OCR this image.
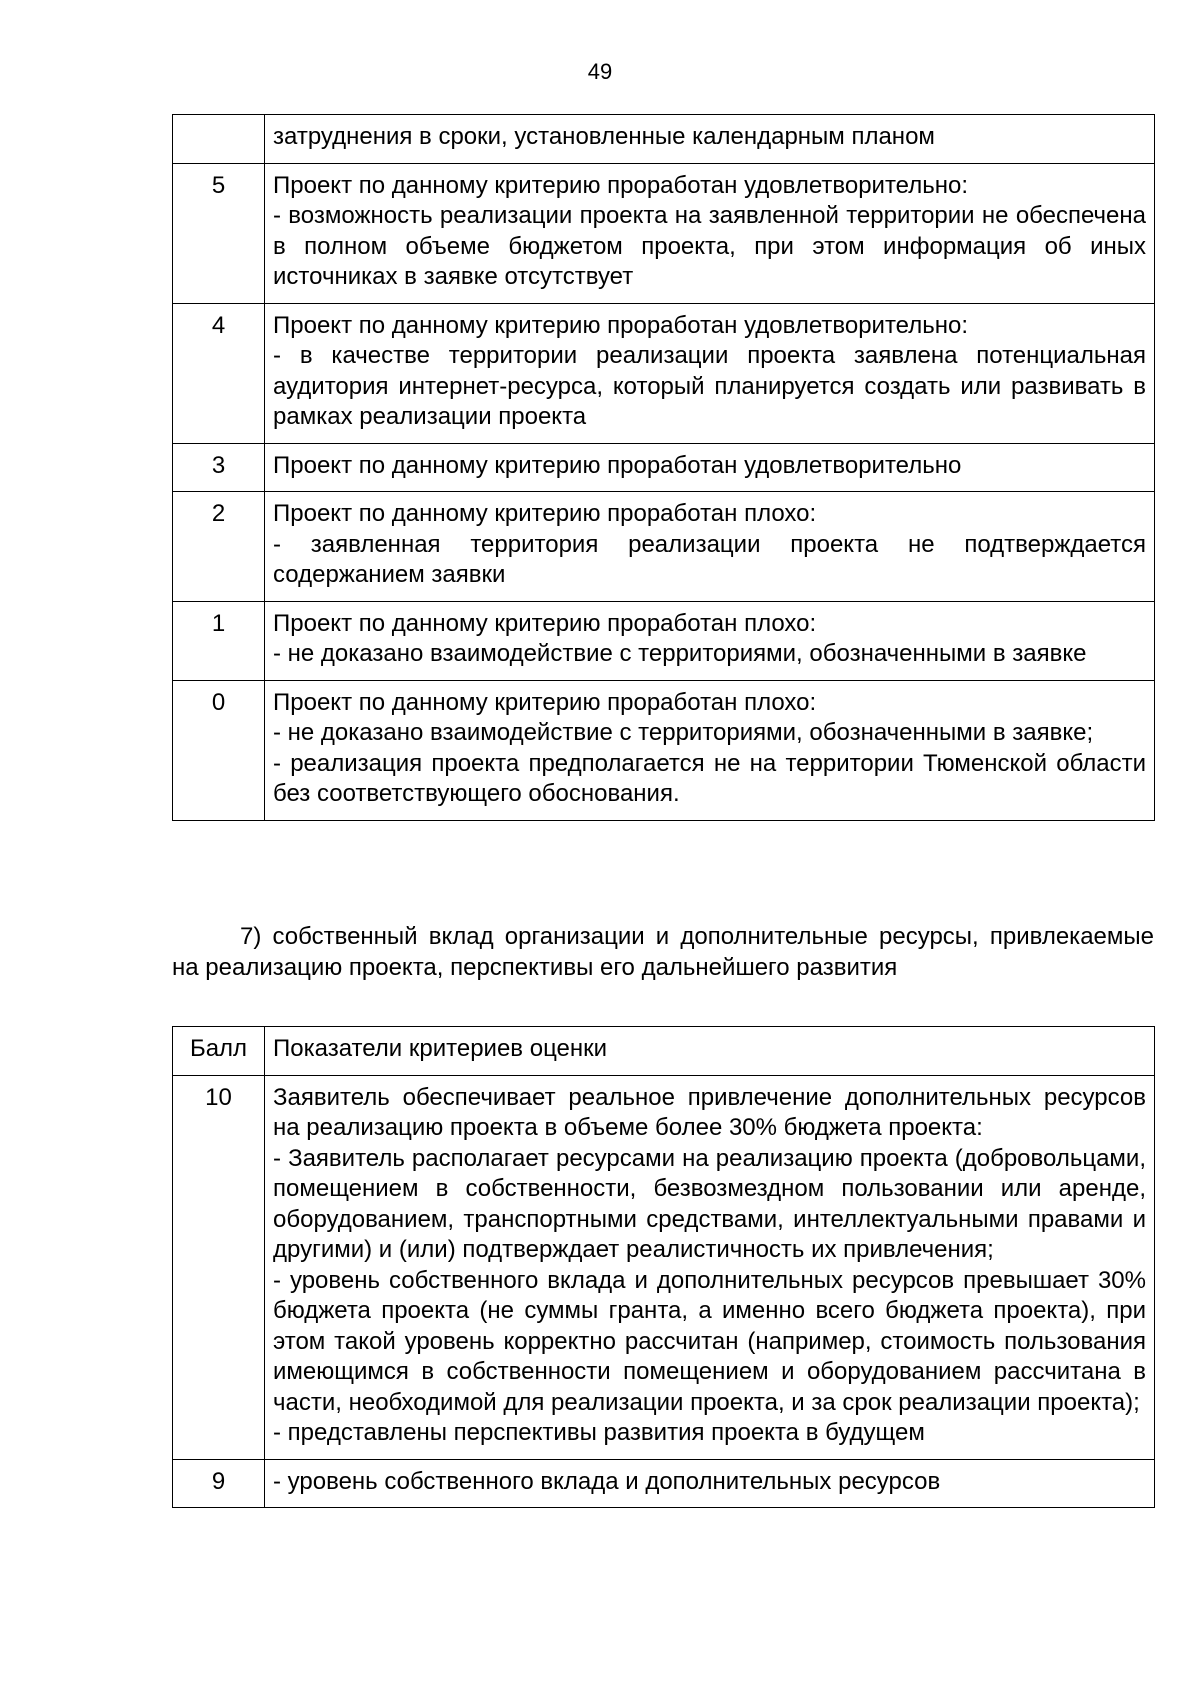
49

	затруднения в сроки, установленные календарным планом

5	Проект по данному критерию проработан удовлетворительно:
- возможность реализации проекта на заявленной территории не обеспечена в полном объеме бюджетом проекта, при этом информация об иных источниках в заявке отсутствует

4	Проект по данному критерию проработан удовлетворительно:
- в качестве территории реализации проекта заявлена потенциальная аудитория интернет-ресурса, который планируется создать или развивать в рамках реализации проекта

3	Проект по данному критерию проработан удовлетворительно

2	Проект по данному критерию проработан плохо:
- заявленная территория реализации проекта не подтверждается содержанием заявки

1	Проект по данному критерию проработан плохо:
- не доказано взаимодействие с территориями, обозначенными в заявке

0	Проект по данному критерию проработан плохо:
- не доказано взаимодействие с территориями, обозначенными в заявке;
- реализация проекта предполагается не на территории Тюменской области без соответствующего обоснования.

7) собственный вклад организации и дополнительные ресурсы, привлекаемые на реализацию проекта, перспективы его дальнейшего развития

Балл	Показатели критериев оценки
10	Заявитель обеспечивает реальное привлечение дополнительных ресурсов на реализацию проекта в объеме более 30% бюджета проекта:
- Заявитель располагает ресурсами на реализацию проекта (добровольцами, помещением в собственности, безвозмездном пользовании или аренде, оборудованием, транспортными средствами, интеллектуальными правами и другими) и (или) подтверждает реалистичность их привлечения;
- уровень собственного вклада и дополнительных ресурсов превышает 30% бюджета проекта (не суммы гранта, а именно всего бюджета проекта), при этом такой уровень корректно рассчитан (например, стоимость пользования имеющимся в собственности помещением и оборудованием рассчитана в части, необходимой для реализации проекта, и за срок реализации проекта);
- представлены перспективы развития проекта в будущем

9	- уровень собственного вклада и дополнительных ресурсов
